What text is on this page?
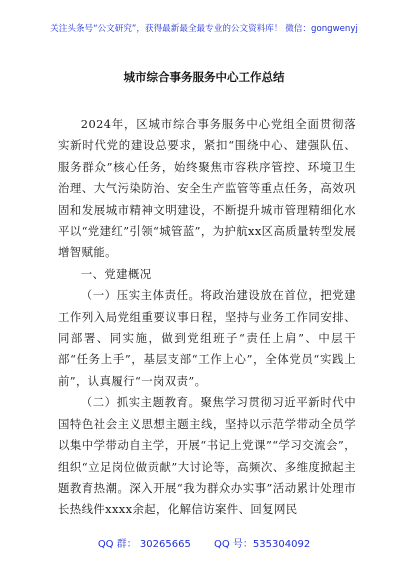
关注头条号“公文研究”，获得最新最全最专业的公文资料库！ 微信：gongwenyj
城市综合事务服务中心工作总结

2024年，区城市综合事务服务中心党组全面贯彻落实新时代党的建设总要求，紧扣“围绕中心、建强队伍、服务群众”核心任务，始终聚焦市容秩序管控、环境卫生治理、大气污染防治、安全生产监管等重点任务，高效巩固和发展城市精神文明建设，不断提升城市管理精细化水平以“党建红”引领“城管蓝”，为护航xx区高质量转型发展增智赋能。

一、党建概况

（一）压实主体责任。将政治建设放在首位，把党建工作列入局党组重要议事日程，坚持与业务工作同安排、同部署、同实施，做到党组班子“责任上肩”、中层干部“任务上手”，基层支部“工作上心”，全体党员“实践上前”，认真履行“一岗双责”。

（二）抓实主题教育。聚焦学习贯彻习近平新时代中国特色社会主义思想主题主线，坚持以示范学带动全员学以集中学带动自主学，开展“书记上党课”“学习交流会”，组织“立足岗位做贡献”大讨论等，高频次、多维度掀起主题教育热潮。深入开展“我为群众办实事”活动累计处理市长热线件xxxx余起，化解信访案件、回复网民

QQ 群： 30265665 QQ 号：535304092
